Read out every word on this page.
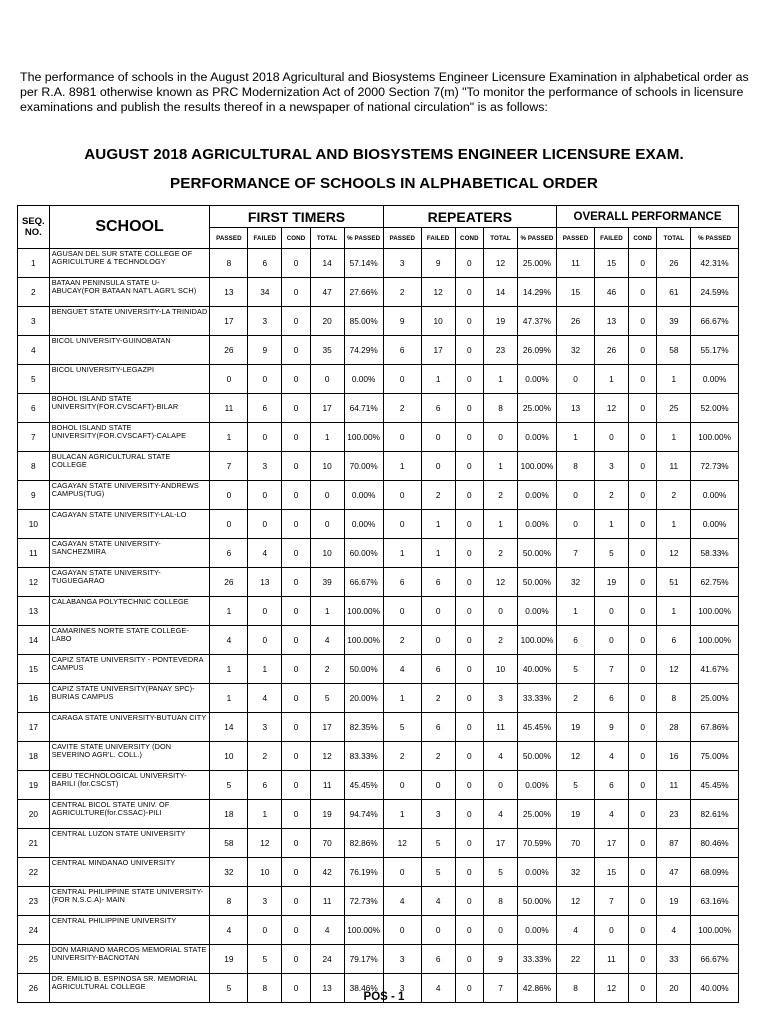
The performance of schools in the August 2018 Agricultural and Biosystems Engineer Licensure Examination in alphabetical order as per R.A. 8981 otherwise known as PRC Modernization Act of 2000 Section 7(m) "To monitor the performance of schools in licensure examinations and publish the results thereof in a newspaper of national circulation" is as follows:

AUGUST 2018 AGRICULTURAL AND BIOSYSTEMS ENGINEER LICENSURE EXAM.
PERFORMANCE OF SCHOOLS IN ALPHABETICAL ORDER
SEQ. NO.	SCHOOL	FIRST TIMERS					REPEATERS					OVERALL PERFORMANCE				
		PASSED	FAILED	COND	TOTAL	% PASSED	PASSED	FAILED	COND	TOTAL	% PASSED	PASSED	FAILED	COND	TOTAL	% PASSED
1	AGUSAN DEL SUR STATE COLLEGE OF AGRICULTURE & TECHNOLOGY	8	6	0	14	57.14%	3	9	0	12	25.00%	11	15	0	26	42.31%
2	BATAAN PENINSULA STATE U-ABUCAY(FOR BATAAN NAT'L AGR'L SCH)	13	34	0	47	27.66%	2	12	0	14	14.29%	15	46	0	61	24.59%
3	BENGUET STATE UNIVERSITY-LA TRINIDAD	17	3	0	20	85.00%	9	10	0	19	47.37%	26	13	0	39	66.67%
4	BICOL UNIVERSITY-GUINOBATAN	26	9	0	35	74.29%	6	17	0	23	26.09%	32	26	0	58	55.17%
5	BICOL UNIVERSITY-LEGAZPI	0	0	0	0	0.00%	0	1	0	1	0.00%	0	1	0	1	0.00%
6	BOHOL ISLAND STATE UNIVERSITY(FOR.CVSCAFT)-BILAR	11	6	0	17	64.71%	2	6	0	8	25.00%	13	12	0	25	52.00%
7	BOHOL ISLAND STATE UNIVERSITY(FOR.CVSCAFT)-CALAPE	1	0	0	1	100.00%	0	0	0	0	0.00%	1	0	0	1	100.00%
8	BULACAN AGRICULTURAL STATE COLLEGE	7	3	0	10	70.00%	1	0	0	1	100.00%	8	3	0	11	72.73%
9	CAGAYAN STATE UNIVERSITY-ANDREWS CAMPUS(TUG)	0	0	0	0	0.00%	0	2	0	2	0.00%	0	2	0	2	0.00%
10	CAGAYAN STATE UNIVERSITY-LAL-LO	0	0	0	0	0.00%	0	1	0	1	0.00%	0	1	0	1	0.00%
11	CAGAYAN STATE UNIVERSITY-SANCHEZMIRA	6	4	0	10	60.00%	1	1	0	2	50.00%	7	5	0	12	58.33%
12	CAGAYAN STATE UNIVERSITY-TUGUEGARAO	26	13	0	39	66.67%	6	6	0	12	50.00%	32	19	0	51	62.75%
13	CALABANGA POLYTECHNIC COLLEGE	1	0	0	1	100.00%	0	0	0	0	0.00%	1	0	0	1	100.00%
14	CAMARINES NORTE STATE COLLEGE-LABO	4	0	0	4	100.00%	2	0	0	2	100.00%	6	0	0	6	100.00%
15	CAPIZ STATE UNIVERSITY - PONTEVEDRA CAMPUS	1	1	0	2	50.00%	4	6	0	10	40.00%	5	7	0	12	41.67%
16	CAPIZ STATE UNIVERSITY(PANAY SPC)- BURIAS CAMPUS	1	4	0	5	20.00%	1	2	0	3	33.33%	2	6	0	8	25.00%
17	CARAGA STATE UNIVERSITY-BUTUAN CITY	14	3	0	17	82.35%	5	6	0	11	45.45%	19	9	0	28	67.86%
18	CAVITE STATE UNIVERSITY (DON SEVERINO AGR'L. COLL.)	10	2	0	12	83.33%	2	2	0	4	50.00%	12	4	0	16	75.00%
19	CEBU TECHNOLOGICAL UNIVERSITY-BARILI (for.CSCST)	5	6	0	11	45.45%	0	0	0	0	0.00%	5	6	0	11	45.45%
20	CENTRAL BICOL STATE UNIV. OF AGRICULTURE(for.CSSAC)-PILI	18	1	0	19	94.74%	1	3	0	4	25.00%	19	4	0	23	82.61%
21	CENTRAL LUZON STATE UNIVERSITY	58	12	0	70	82.86%	12	5	0	17	70.59%	70	17	0	87	80.46%
22	CENTRAL MINDANAO UNIVERSITY	32	10	0	42	76.19%	0	5	0	5	0.00%	32	15	0	47	68.09%
23	CENTRAL PHILIPPINE STATE UNIVERSITY-(FOR N.S.C.A)- MAIN	8	3	0	11	72.73%	4	4	0	8	50.00%	12	7	0	19	63.16%
24	CENTRAL PHILIPPINE UNIVERSITY	4	0	0	4	100.00%	0	0	0	0	0.00%	4	0	0	4	100.00%
25	DON MARIANO MARCOS MEMORIAL STATE UNIVERSITY-BACNOTAN	19	5	0	24	79.17%	3	6	0	9	33.33%	22	11	0	33	66.67%
26	DR. EMILIO B. ESPINOSA SR. MEMORIAL AGRICULTURAL COLLEGE	5	8	0	13	38.46%	3	4	0	7	42.86%	8	12	0	20	40.00%

POS - 1
